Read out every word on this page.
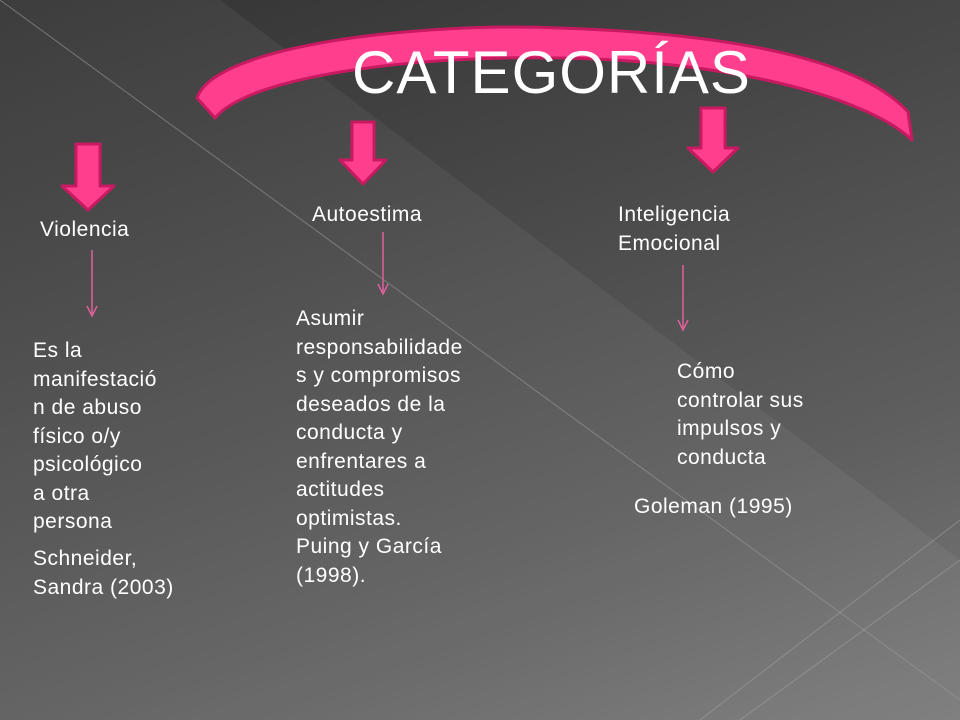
CATEGORÍAS
Violencia
Es la
manifestació
n de abuso
físico o/y
psicológico
a otra
persona
Schneider,
Sandra (2003)
Autoestima
Asumir
responsabilidade
s y compromisos
deseados de la
conducta y
enfrentares a
actitudes
optimistas.
Puing y García
(1998).
Inteligencia
Emocional
Cómo
controlar sus
impulsos y
conducta
Goleman (1995)
